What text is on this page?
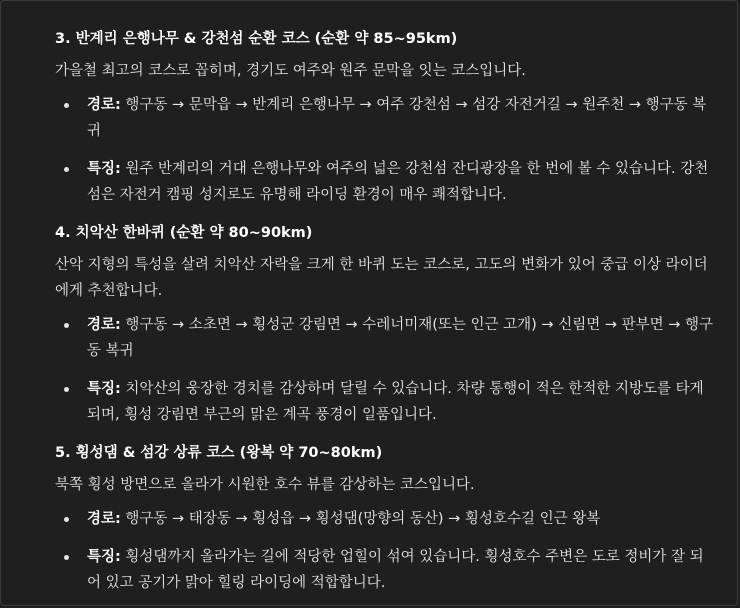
3. 반계리 은행나무 & 강천섬 순환 코스 (순환 약 85~95km)

가을철 최고의 코스로 꼽히며, 경기도 여주와 원주 문막을 잇는 코스입니다.

경로: 행구동 → 문막읍 → 반계리 은행나무 → 여주 강천섬 → 섬강 자전거길 → 원주천 → 행구동 복귀
특징: 원주 반계리의 거대 은행나무와 여주의 넓은 강천섬 잔디광장을 한 번에 볼 수 있습니다. 강천섬은 자전거 캠핑 성지로도 유명해 라이딩 환경이 매우 쾌적합니다.

4. 치악산 한바퀴 (순환 약 80~90km)

산악 지형의 특성을 살려 치악산 자락을 크게 한 바퀴 도는 코스로, 고도의 변화가 있어 중급 이상 라이더에게 추천합니다.

경로: 행구동 → 소초면 → 횡성군 강림면 → 수레너미재(또는 인근 고개) → 신림면 → 판부면 → 행구동 복귀
특징: 치악산의 웅장한 경치를 감상하며 달릴 수 있습니다. 차량 통행이 적은 한적한 지방도를 타게 되며, 횡성 강림면 부근의 맑은 계곡 풍경이 일품입니다.

5. 횡성댐 & 섬강 상류 코스 (왕복 약 70~80km)

북쪽 횡성 방면으로 올라가 시원한 호수 뷰를 감상하는 코스입니다.

경로: 행구동 → 태장동 → 횡성읍 → 횡성댐(망향의 동산) → 횡성호수길 인근 왕복
특징: 횡성댐까지 올라가는 길에 적당한 업힐이 섞여 있습니다. 횡성호수 주변은 도로 정비가 잘 되어 있고 공기가 맑아 힐링 라이딩에 적합합니다.
